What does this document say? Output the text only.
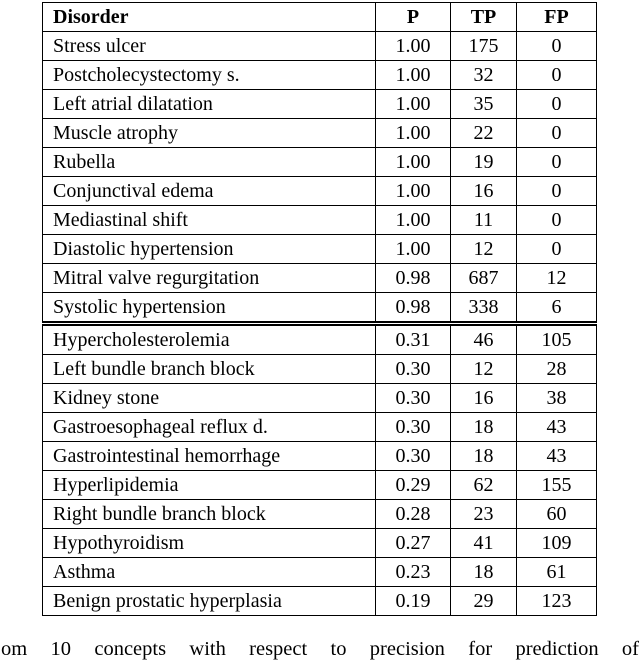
Disorder	P	TP	FP
Stress ulcer	1.00	175	0
Postcholecystectomy s.	1.00	32	0
Left atrial dilatation	1.00	35	0
Muscle atrophy	1.00	22	0
Rubella	1.00	19	0
Conjunctival edema	1.00	16	0
Mediastinal shift	1.00	11	0
Diastolic hypertension	1.00	12	0
Mitral valve regurgitation	0.98	687	12
Systolic hypertension	0.98	338	6
Hypercholesterolemia	0.31	46	105
Left bundle branch block	0.30	12	28
Kidney stone	0.30	16	38
Gastroesophageal reflux d.	0.30	18	43
Gastrointestinal hemorrhage	0.30	18	43
Hyperlipidemia	0.29	62	155
Right bundle branch block	0.28	23	60
Hypothyroidism	0.27	41	109
Asthma	0.23	18	61
Benign prostatic hyperplasia	0.19	29	123
om 10 concepts with respect to precision for prediction of
